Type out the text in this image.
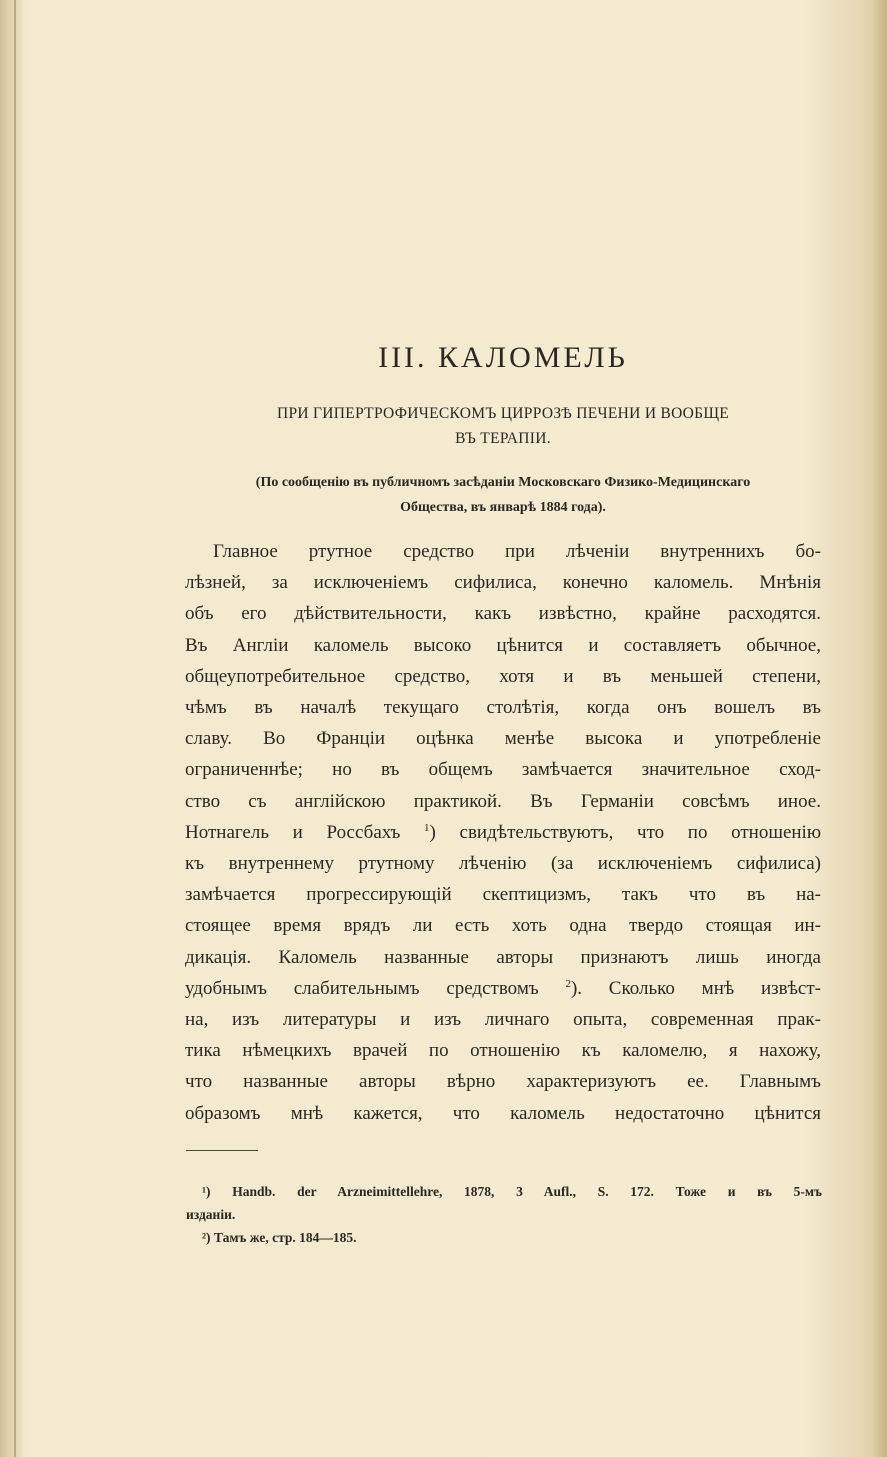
III. КАЛОМЕЛЬ
ПРИ ГИПЕРТРОФИЧЕСКОМЪ ЦИРРОЗѢ ПЕЧЕНИ И ВООБЩЕ
ВЪ ТЕРАПІИ.
(По сообщенію въ публичномъ засѣданіи Московскаго Физико-Медицинскаго
Общества, въ январѣ 1884 года).
Главное ртутное средство при лѣченіи внутреннихъ бо-
лѣзней, за исключеніемъ сифилиса, конечно каломель. Мнѣнія
объ его дѣйствительности, какъ извѣстно, крайне расходятся.
Въ Англіи каломель высоко цѣнится и составляетъ обычное,
общеупотребительное средство, хотя и въ меньшей степени,
чѣмъ въ началѣ текущаго столѣтія, когда онъ вошелъ въ
славу. Во Франціи оцѣнка менѣе высока и употребленіе
ограниченнѣе; но въ общемъ замѣчается значительное сход-
ство съ англійскою практикой. Въ Германіи совсѣмъ иное.
Нотнагель и Россбахъ $^1$) свидѣтельствуютъ, что по отношенію
къ внутреннему ртутному лѣченію (за исключеніемъ сифилиса)
замѣчается прогрессирующій скептицизмъ, такъ что въ на-
стоящее время врядъ ли есть хоть одна твердо стоящая ин-
дикація. Каломель названные авторы признаютъ лишь иногда
удобнымъ слабительнымъ средствомъ $^2$). Сколько мнѣ извѣст-
на, изъ литературы и изъ личнаго опыта, современная прак-
тика нѣмецкихъ врачей по отношенію къ каломелю, я нахожу,
что названные авторы вѣрно характеризуютъ ее. Главнымъ
образомъ мнѣ кажется, что каломель недостаточно цѣнится
¹) Handb. der Arzneimittellehre, 1878, 3 Aufl., S. 172. Тоже и въ 5-мъ
изданіи.
²) Тамъ же, стр. 184—185.
